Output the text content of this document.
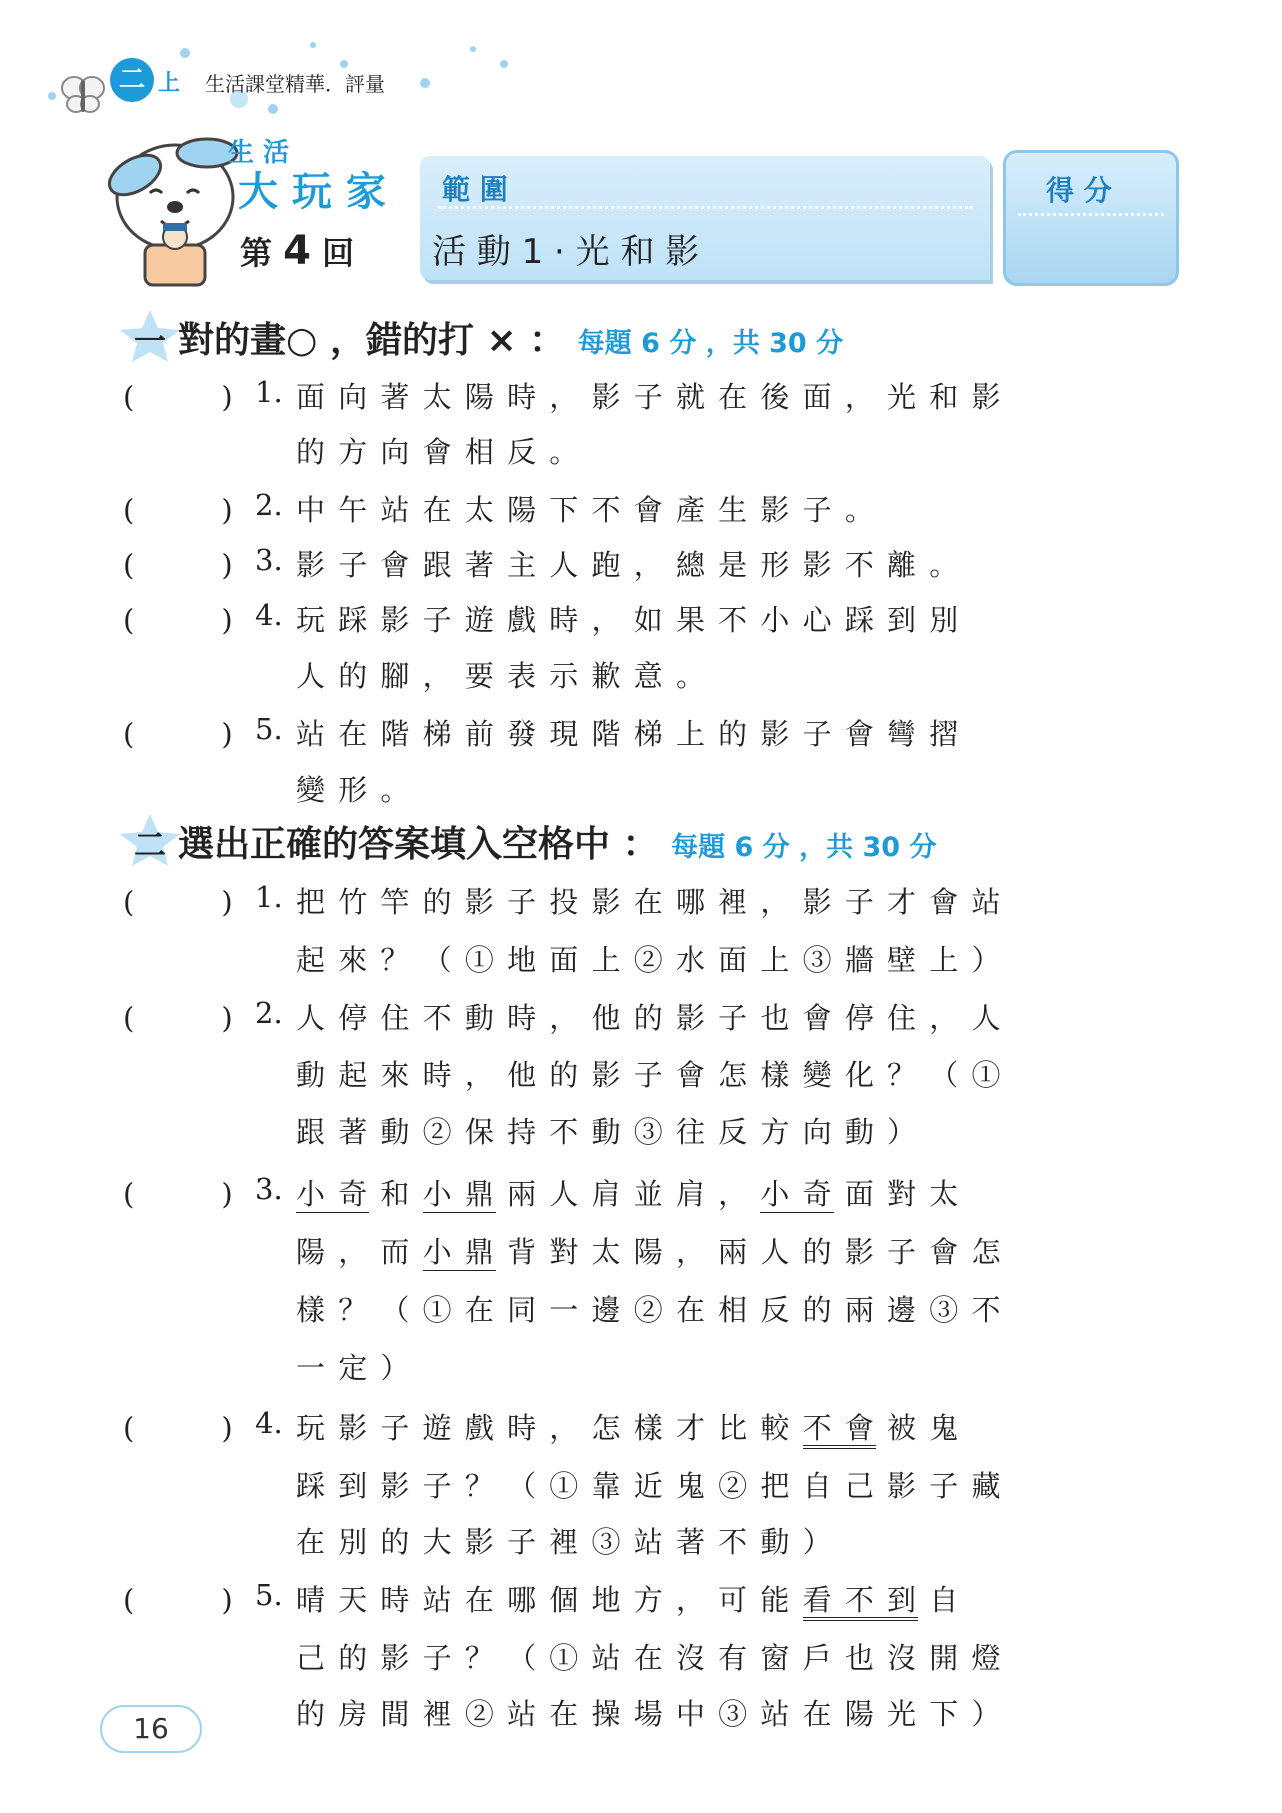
二 上 生活課堂精華．評量
生 活
大 玩 家
第 4 回
範 圍
活 動 1 · 光 和 影
得 分
一 對的畫○ ，錯的打 × ： 每題 6 分 ，共 30 分
(　　　) 1. 面 向 著 太 陽 時 ， 影 子 就 在 後 面 ， 光 和 影
的 方 向 會 相 反 。
(　　　) 2. 中 午 站 在 太 陽 下 不 會 產 生 影 子 。
(　　　) 3. 影 子 會 跟 著 主 人 跑 ， 總 是 形 影 不 離 。
(　　　) 4. 玩 踩 影 子 遊 戲 時 ， 如 果 不 小 心 踩 到 別
人 的 腳 ， 要 表 示 歉 意 。
(　　　) 5. 站 在 階 梯 前 發 現 階 梯 上 的 影 子 會 彎 摺
變 形 。
二 選出正確的答案填入空格中 ： 每題 6 分 ，共 30 分
(　　　) 1. 把 竹 竿 的 影 子 投 影 在 哪 裡 ， 影 子 才 會 站
起 來 ？ （ ① 地 面 上 ② 水 面 上 ③ 牆 壁 上 ）
(　　　) 2. 人 停 住 不 動 時 ， 他 的 影 子 也 會 停 住 ， 人
動 起 來 時 ， 他 的 影 子 會 怎 樣 變 化 ？ （ ①
跟 著 動 ② 保 持 不 動 ③ 往 反 方 向 動 ）
(　　　) 3. 小 奇 和 小 鼎 兩 人 肩 並 肩 ， 小 奇 面 對 太
陽 ， 而 小 鼎 背 對 太 陽 ， 兩 人 的 影 子 會 怎
樣 ？ （ ① 在 同 一 邊 ② 在 相 反 的 兩 邊 ③ 不
一 定 ）
(　　　) 4. 玩 影 子 遊 戲 時 ， 怎 樣 才 比 較 不 會 被 鬼
踩 到 影 子 ？ （ ① 靠 近 鬼 ② 把 自 己 影 子 藏
在 別 的 大 影 子 裡 ③ 站 著 不 動 ）
(　　　) 5. 晴 天 時 站 在 哪 個 地 方 ， 可 能 看 不 到 自
己 的 影 子 ？ （ ① 站 在 沒 有 窗 戶 也 沒 開 燈
的 房 間 裡 ② 站 在 操 場 中 ③ 站 在 陽 光 下 ）
16
